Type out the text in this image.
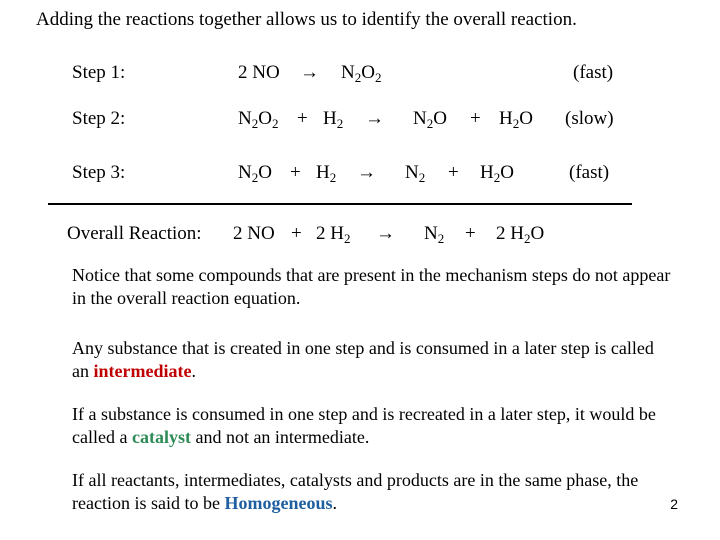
Adding the reactions together allows us to identify the overall reaction.
Step 1:	2 NO → $N_2O_2$	(fast)
Step 2:	$N_2O_2 + H_2 \to N_2O + H_2O$ (slow)
Step 3:	$N_2O + H_2 \to N_2 + H_2O$	(fast)
Overall Reaction: 2 NO + 2 $H_2 \to N_2 + 2$ $H_2O$
Notice that some compounds that are present in the mechanism steps do not appear in the overall reaction equation.
Any substance that is created in one step and is consumed in a later step is called an intermediate.
If a substance is consumed in one step and is recreated in a later step, it would be called a catalyst and not an intermediate.
If all reactants, intermediates, catalysts and products are in the same phase, the reaction is said to be Homogeneous.	2
